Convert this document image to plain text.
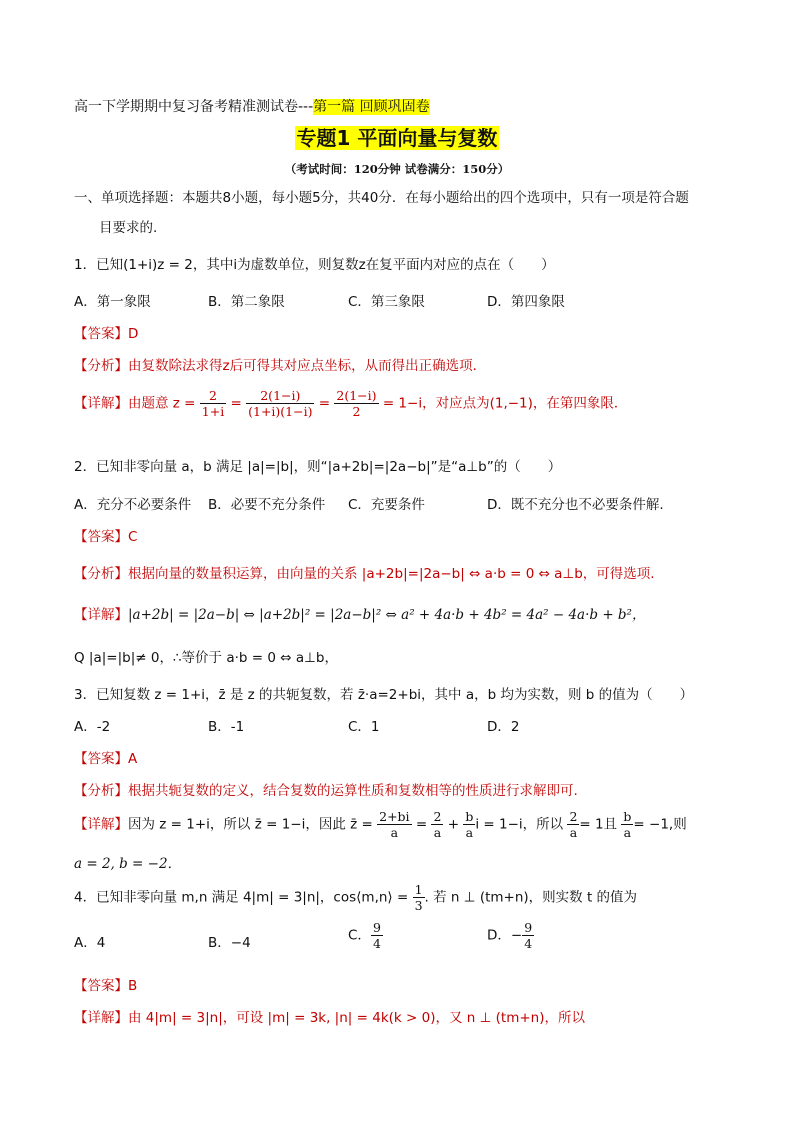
高一下学期期中复习备考精准测试卷---第一篇 回顾巩固卷
专题1 平面向量与复数
（考试时间：120分钟 试卷满分：150分）
一、单项选择题：本题共8小题，每小题5分，共40分．在每小题给出的四个选项中，只有一项是符合题
目要求的.
1．已知(1+i)z = 2，其中i为虚数单位，则复数z在复平面内对应的点在（　　）
A．第一象限	B．第二象限	C．第三象限	D．第四象限
【答案】D
【分析】由复数除法求得z后可得其对应点坐标，从而得出正确选项．
【详解】由题意 $z = \frac{2}{1+i} = \frac{2(1-i)}{(1+i)(1-i)} = \frac{2(1-i)}{2} = 1-i$，对应点为(1,−1)，在第四象限．
2．已知非零向量 a，b 满足 |a|=|b|，则“|a+2b|=|2a−b|”是“a⊥b”的（　　）
A．充分不必要条件 B．必要不充分条件 C．充要条件	D．既不充分也不必要条件解.
【答案】C
【分析】根据向量的数量积运算，由向量的关系 |a+2b|=|2a−b| ⇔ a·b = 0 ⇔ a⊥b，可得选项.
【详解】|a+2b| = |2a−b| ⇔ |a+2b|² = |2a−b|² ⇔ a² + 4a·b + 4b² = 4a² − 4a·b + b²，
Q |a|=|b|≠ 0，∴等价于 a·b = 0 ⇔ a⊥b，
3．已知复数 z = 1+i，z̄ 是 z 的共轭复数，若 z̄·a=2+bi，其中 a，b 均为实数，则 b 的值为（　　）
A．-2	B．-1	C．1	D．2
【答案】A
【分析】根据共轭复数的定义，结合复数的运算性质和复数相等的性质进行求解即可.
【详解】因为 z = 1+i，所以 z̄ = 1−i，因此 z̄ = $\frac{2+bi}{a} = \frac{2}{a} + \frac{b}{a}$ i = 1−i，所以 $\frac{2}{a} = 1$且 $\frac{b}{a} = -1$,则
a = 2, b = −2．
4．已知非零向量 m,n 满足 4|m| = 3|n|，cos⟨m,n⟩ = $\frac{1}{3}$ . 若 n ⊥ (tm+n)，则实数 t 的值为
A．4	B．−4	C． $\frac{9}{4}$	D．− $\frac{9}{4}$
【答案】B
【详解】由 4|m| = 3|n|，可设 |m| = 3k, |n| = 4k(k > 0)，又 n ⊥ (tm+n)，所以
